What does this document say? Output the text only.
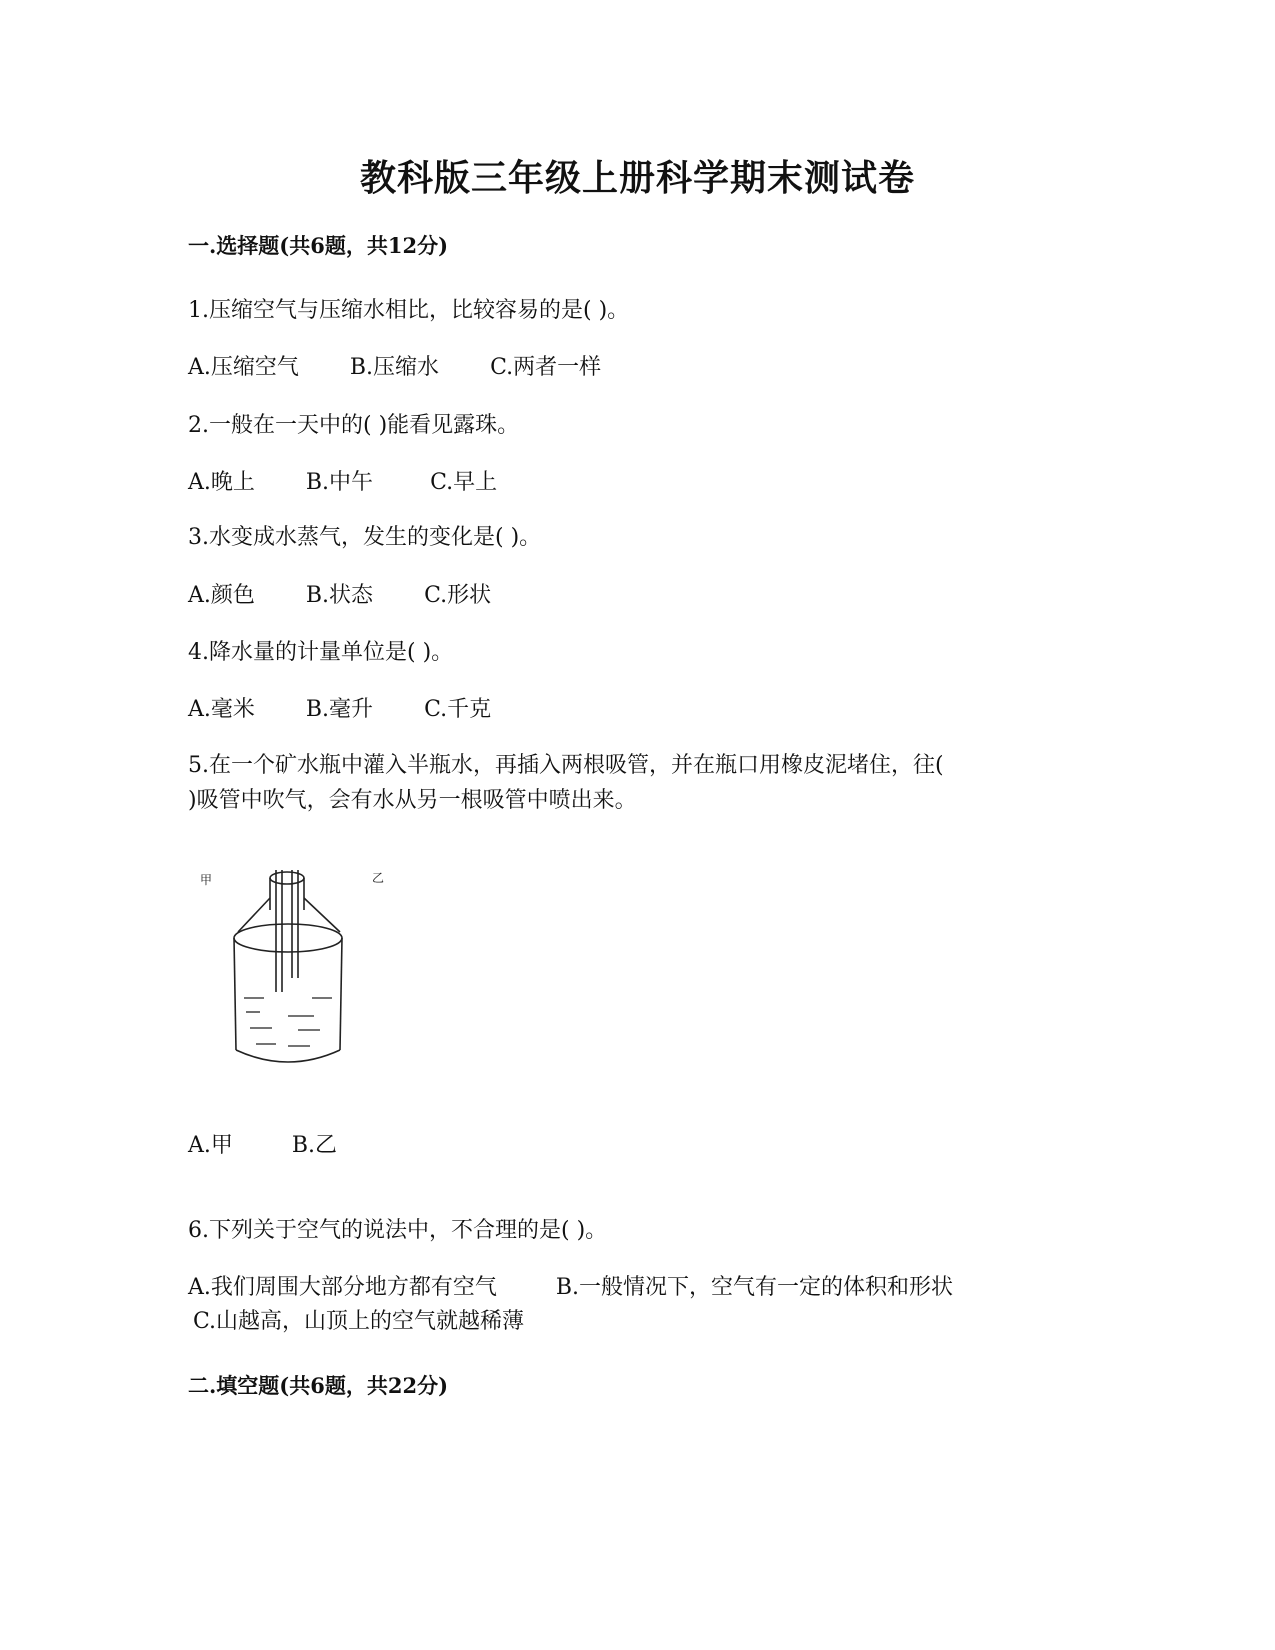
教科版三年级上册科学期末测试卷
一.选择题(共6题，共12分)
1.压缩空气与压缩水相比，比较容易的是( )。
A.压缩空气 B.压缩水 C.两者一样
2.一般在一天中的( )能看见露珠。
A.晚上 B.中午	C.早上
3.水变成水蒸气，发生的变化是( )。
A.颜色 B.状态 C.形状
4.降水量的计量单位是( )。
A.毫米 B.毫升 C.千克
5.在一个矿水瓶中灌入半瓶水，再插入两根吸管，并在瓶口用橡皮泥堵住，往(
)吸管中吹气，会有水从另一根吸管中喷出来。
甲	乙
A.甲	B.乙
6.下列关于空气的说法中，不合理的是( )。
A.我们周围大部分地方都有空气	B.一般情况下，空气有一定的体积和形状
C.山越高，山顶上的空气就越稀薄
二.填空题(共6题，共22分)
